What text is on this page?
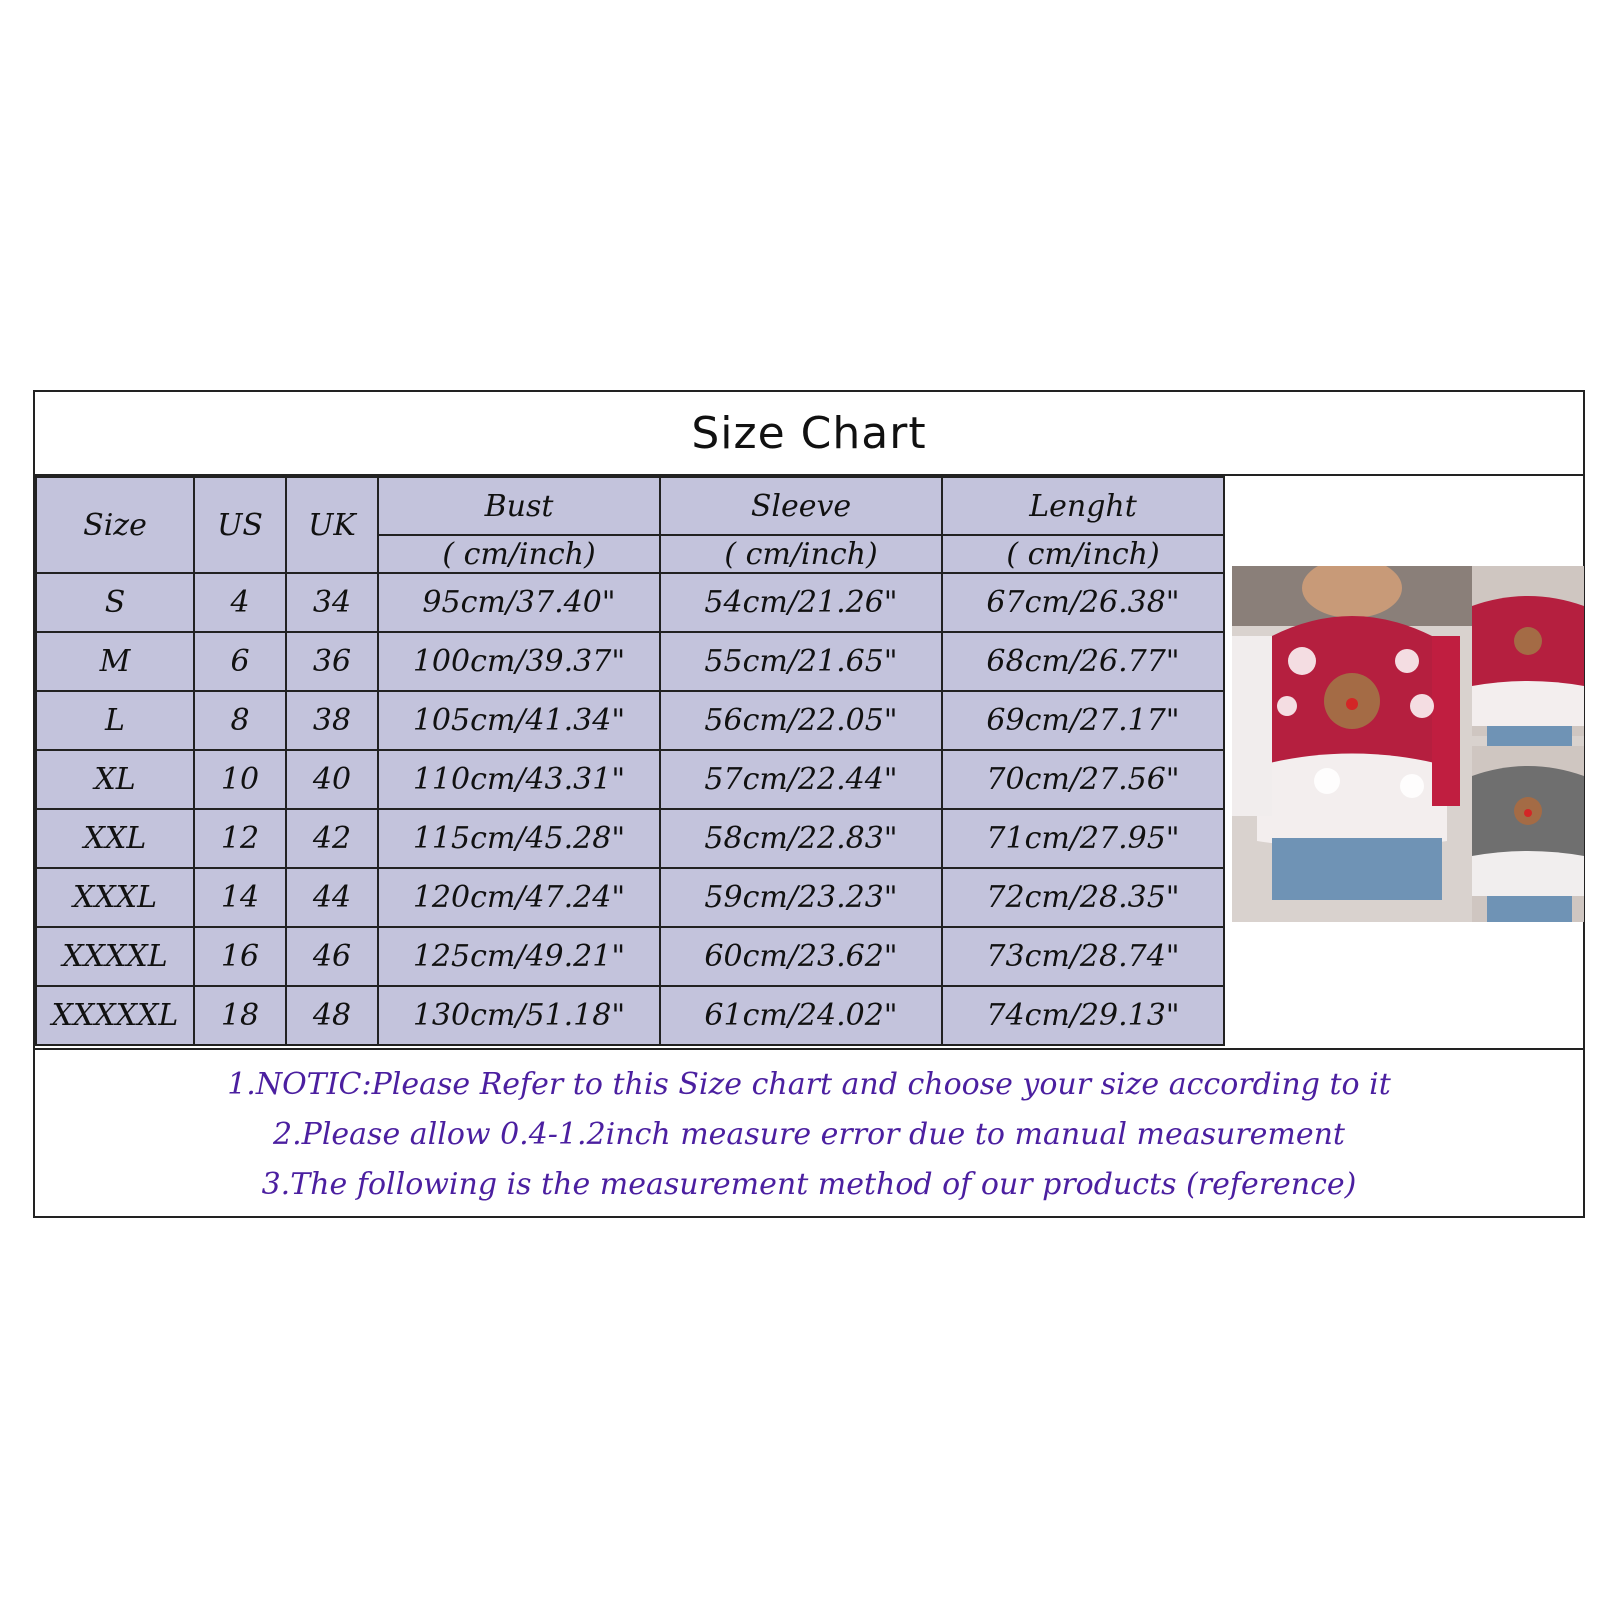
Size Chart
Size	US	UK	Bust	Sleeve	Lenght
			( cm/inch)	( cm/inch)	( cm/inch)
S	4	34	95cm/37.40"	54cm/21.26"	67cm/26.38"
M	6	36	100cm/39.37"	55cm/21.65"	68cm/26.77"
L	8	38	105cm/41.34"	56cm/22.05"	69cm/27.17"
XL	10	40	110cm/43.31"	57cm/22.44"	70cm/27.56"
XXL	12	42	115cm/45.28"	58cm/22.83"	71cm/27.95"
XXXL	14	44	120cm/47.24"	59cm/23.23"	72cm/28.35"
XXXXL	16	46	125cm/49.21"	60cm/23.62"	73cm/28.74"
XXXXXL	18	48	130cm/51.18"	61cm/24.02"	74cm/29.13"
1.NOTIC:Please Refer to this Size chart and choose your size according to it
2.Please allow 0.4-1.2inch measure error due to manual measurement
3.The following is the measurement method of our products (reference)
